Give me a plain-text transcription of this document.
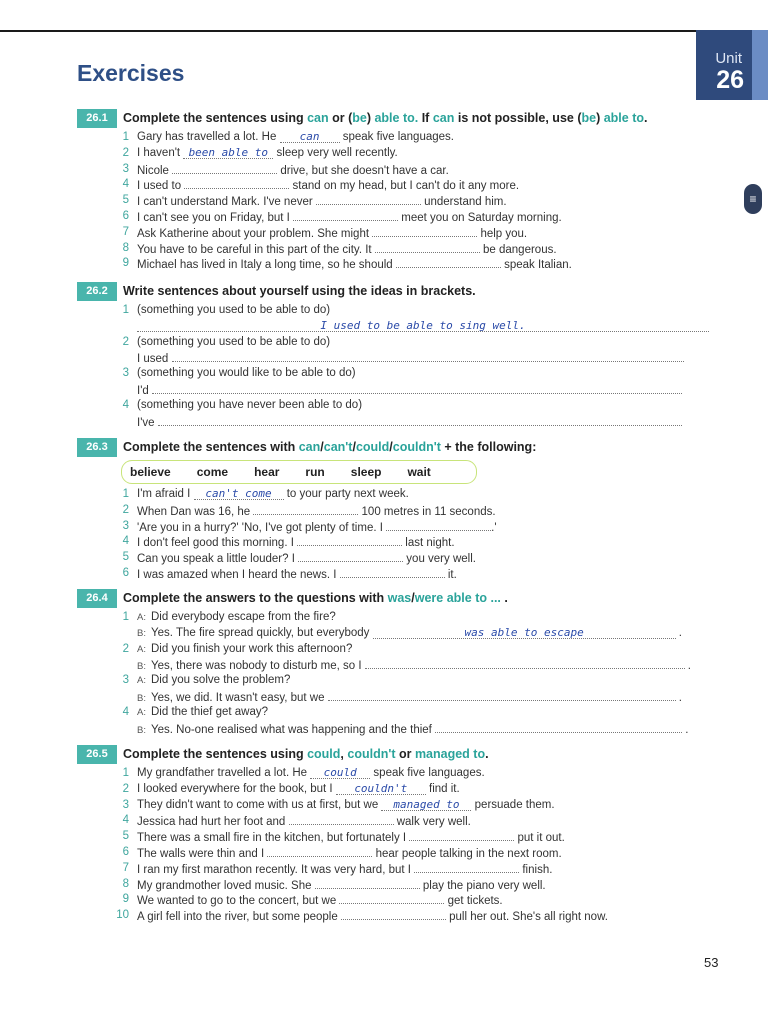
Unit
26
Exercises
≡
26.1	Complete the sentences using can or (be) able to. If can is not possible, use (be) able to.
1 Gary has travelled a lot. He can speak five languages.
2 I haven't been able to sleep very well recently.
3 Nicole	drive, but she doesn't have a car.
4 I used to	stand on my head, but I can't do it any more.
5 I can't understand Mark. I've never	understand him.
6 I can't see you on Friday, but I	meet you on Saturday morning.
7 Ask Katherine about your problem. She might	help you.
8 You have to be careful in this part of the city. It	be dangerous.
9 Michael has lived in Italy a long time, so he should	speak Italian.
26.2	Write sentences about yourself using the ideas in brackets.
1 (something you used to be able to do)
I used to be able to sing well.
2 (something you used to be able to do)
I used
3 (something you would like to be able to do)
I'd
4 (something you have never been able to do)
I've
26.3	Complete the sentences with can/can't/could/couldn't + the following:
believe come hear run sleep wait
1 I'm afraid I can't come to your party next week.
2 When Dan was 16, he	100 metres in 11 seconds.
3 'Are you in a hurry?' 'No, I've got plenty of time. I	.'
4 I don't feel good this morning. I	last night.
5 Can you speak a little louder? I	you very well.
6 I was amazed when I heard the news. I	it.
26.4	Complete the answers to the questions with was/were able to ... .
1 A: Did everybody escape from the fire?
B: Yes. The fire spread quickly, but everybody	was able to escape	.
2 A: Did you finish your work this afternoon?
B: Yes, there was nobody to disturb me, so I	.
3 A: Did you solve the problem?
B: Yes, we did. It wasn't easy, but we	.
4 A: Did the thief get away?
B: Yes. No-one realised what was happening and the thief	.
26.5	Complete the sentences using could, couldn't or managed to.
1 My grandfather travelled a lot. He could speak five languages.
2 I looked everywhere for the book, but I couldn't find it.
3 They didn't want to come with us at first, but we managed to persuade them.
4 Jessica had hurt her foot and	walk very well.
5 There was a small fire in the kitchen, but fortunately I	put it out.
6 The walls were thin and I	hear people talking in the next room.
7 I ran my first marathon recently. It was very hard, but I	finish.
8 My grandmother loved music. She	play the piano very well.
9 We wanted to go to the concert, but we	get tickets.
10 A girl fell into the river, but some people	pull her out. She's all right now.
53
